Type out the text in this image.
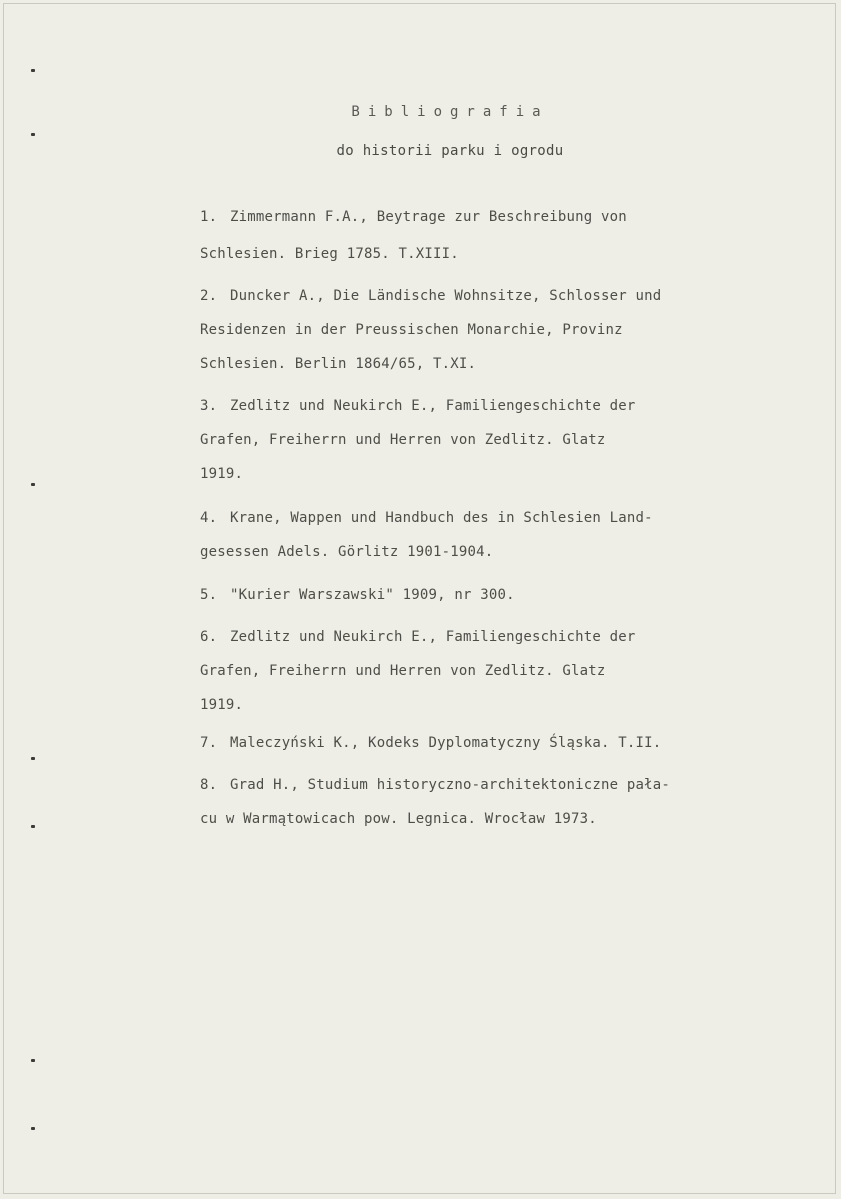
Bibliografia
do historii parku i ogrodu
1. Zimmermann F.A., Beytrage zur Beschreibung von
Schlesien. Brieg 1785. T.XIII.
2. Duncker A., Die Ländische Wohnsitze, Schlosser und
Residenzen in der Preussischen Monarchie, Provinz
Schlesien. Berlin 1864/65, T.XI.
3. Zedlitz und Neukirch E., Familiengeschichte der
Grafen, Freiherrn und Herren von Zedlitz. Glatz
1919.
4. Krane, Wappen und Handbuch des in Schlesien Land-
gesessen Adels. Görlitz 1901-1904.
5. "Kurier Warszawski" 1909, nr 300.
6. Zedlitz und Neukirch E., Familiengeschichte der
Grafen, Freiherrn und Herren von Zedlitz. Glatz
1919.
7. Maleczyński K., Kodeks Dyplomatyczny Śląska. T.II.
8. Grad H., Studium historyczno-architektoniczne pała-
cu w Warmątowicach pow. Legnica. Wrocław 1973.
